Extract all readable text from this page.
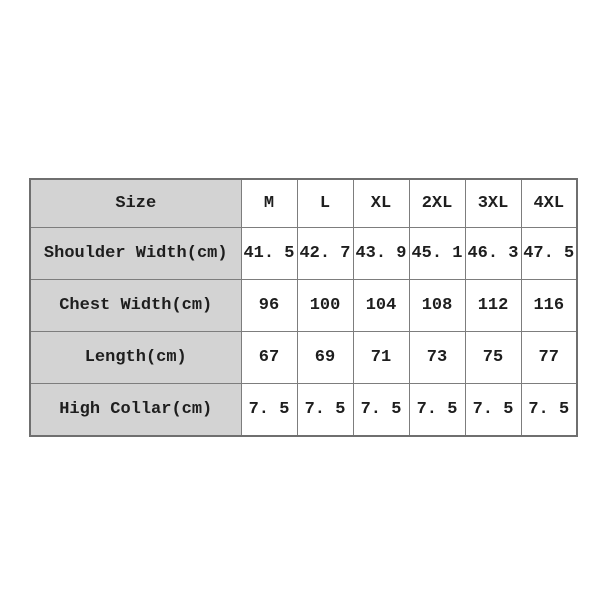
Size	M	L	XL	2XL	3XL	4XL
Shoulder Width(cm)	41. 5	42. 7	43. 9	45. 1	46. 3	47. 5
Chest Width(cm)	96	100	104	108	112	116
Length(cm)	67	69	71	73	75	77
High Collar(cm)	7. 5	7. 5	7. 5	7. 5	7. 5	7. 5
